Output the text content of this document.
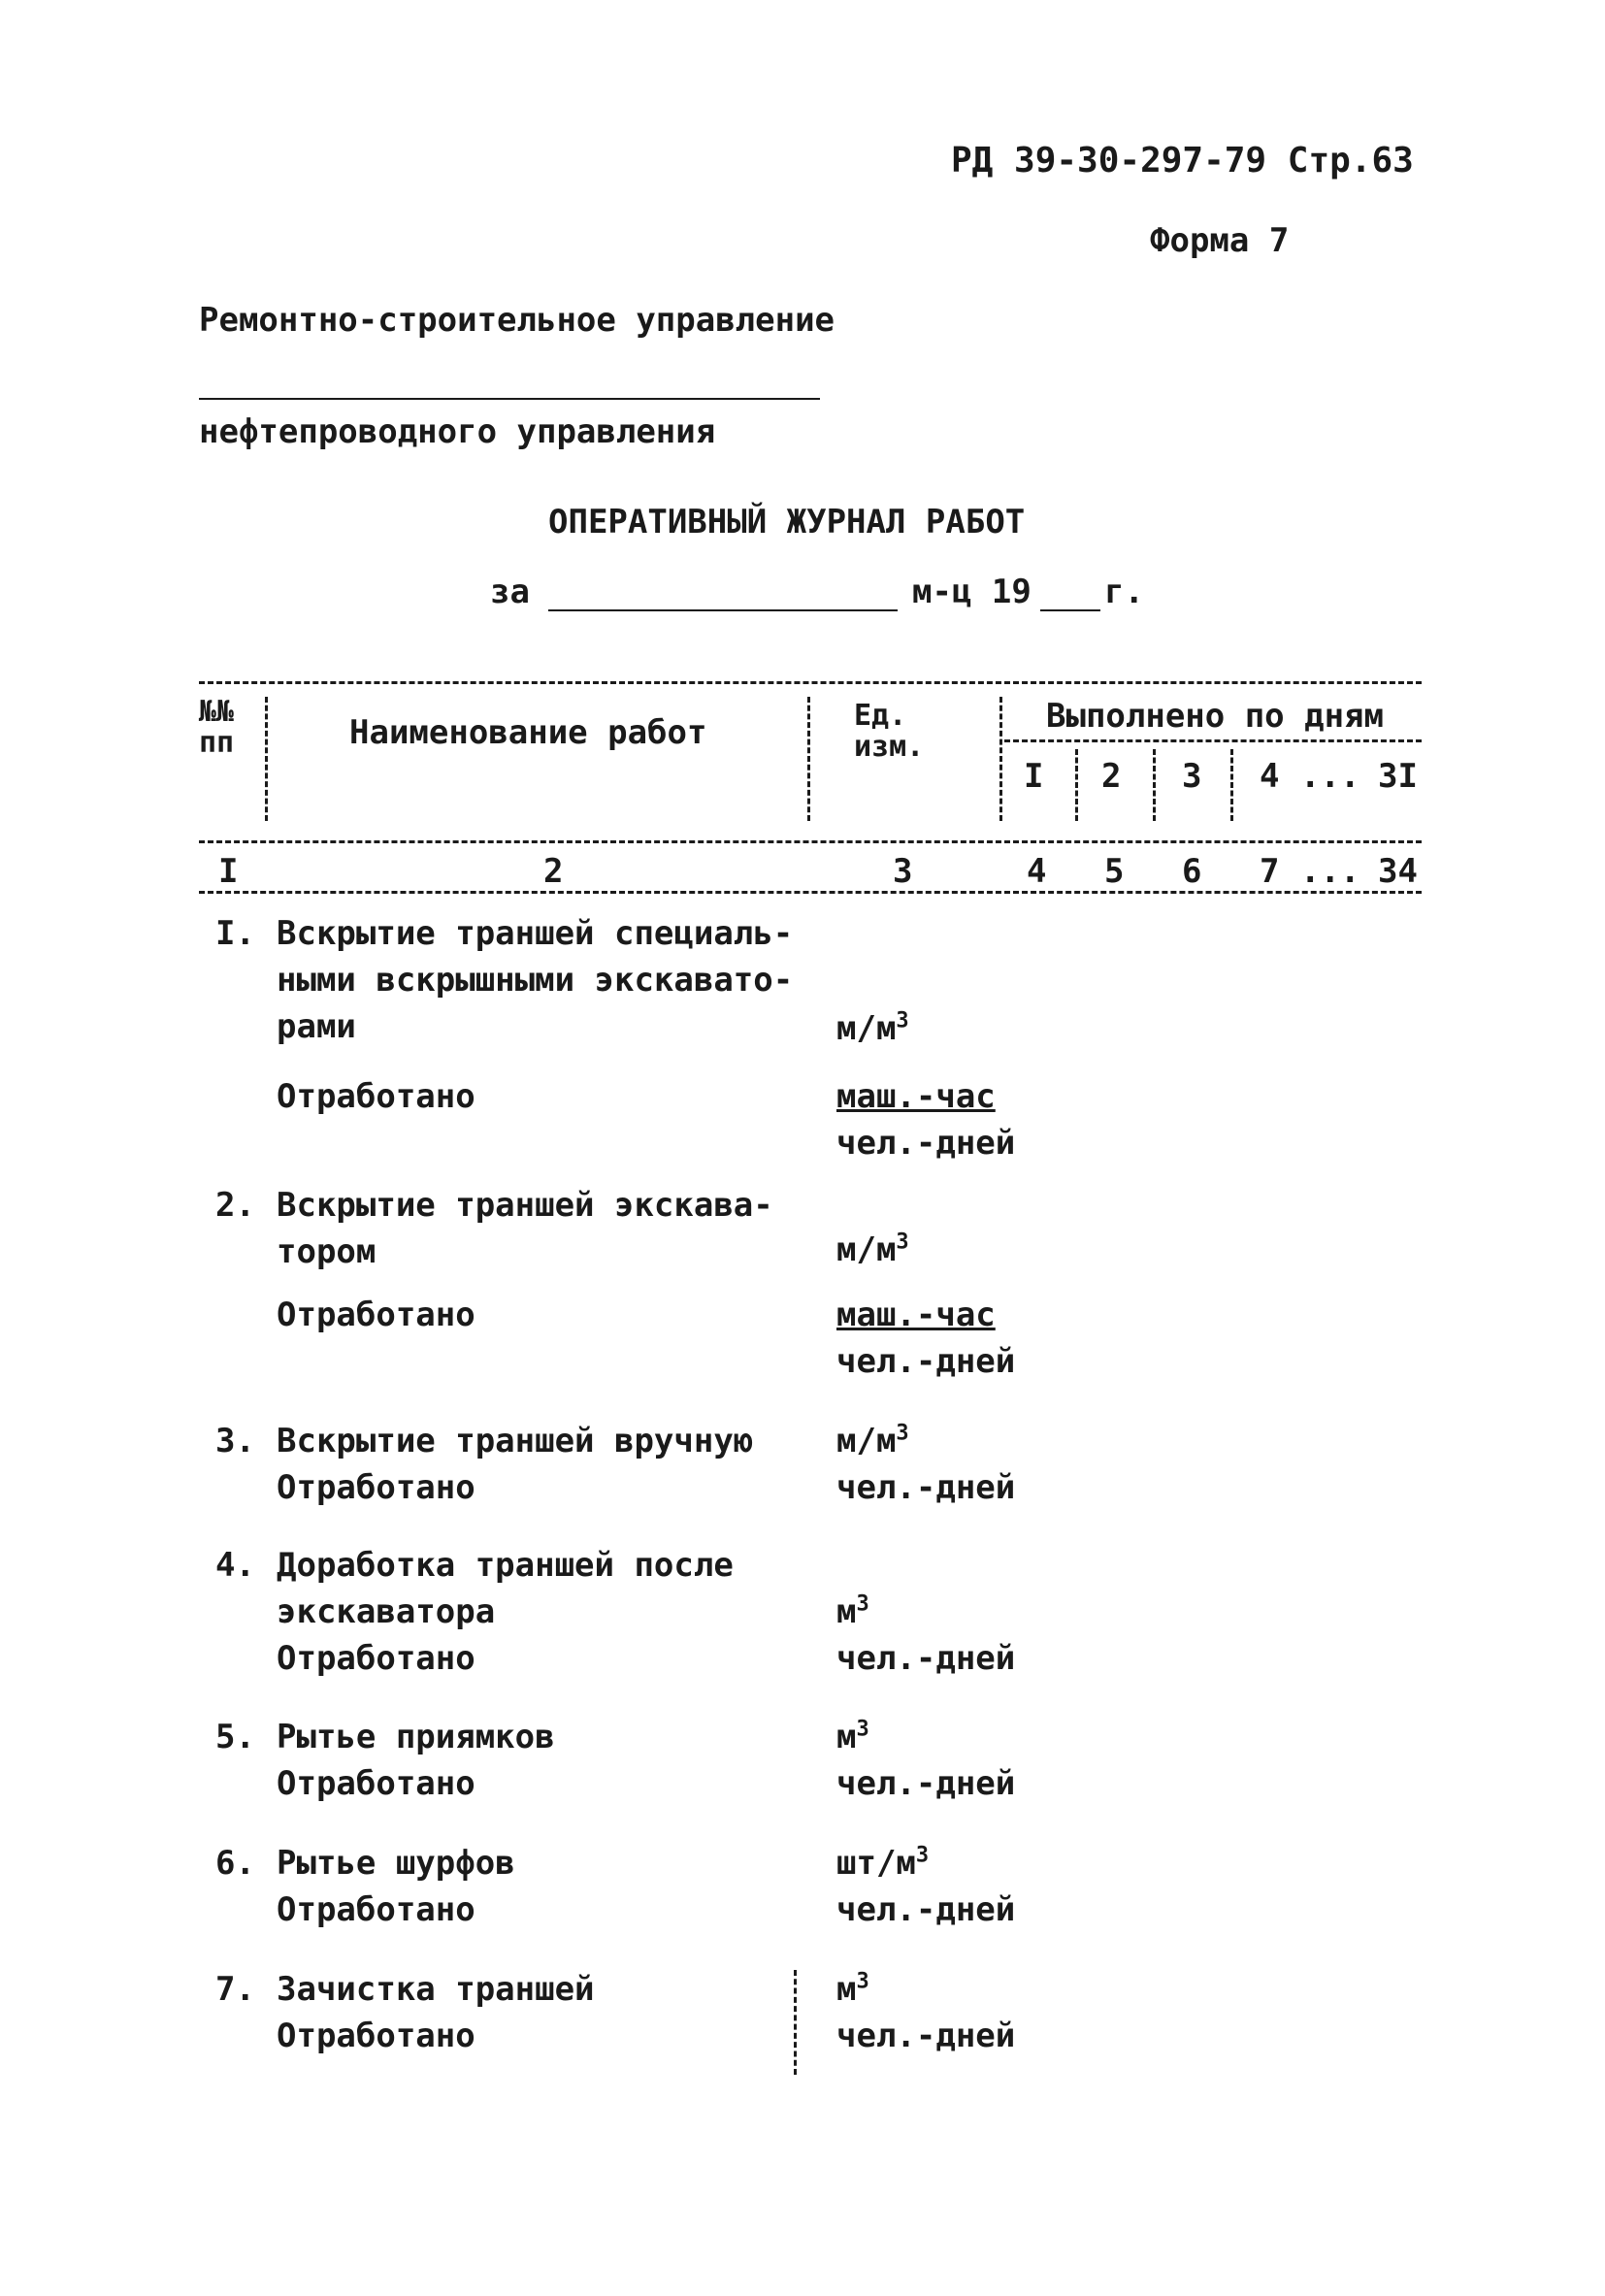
РД 39-30-297-79 Стр.63
Форма 7
Ремонтно-строительное управление
нефтепроводного управления
ОПЕРАТИВНЫЙ ЖУРНАЛ РАБОТ
за	м-ц 19 г.
№№ пп	Наименование работ	Ед. изм.
Выполнено по дням
I 2 3 4 ... 3I
I	2	3	4 5 6 7 ... 34
I. Вскрытие траншей специаль-
ными вскрышными экскавато-
рами	$м/м^3$
Отработано	маш.-час
чел.-дней
2. Вскрытие траншей экскава-
тором	$м/м^3$
Отработано	маш.-час
чел.-дней
3. Вскрытие траншей вручную	$м/м^3$
Отработано	чел.-дней
4. Доработка траншей после
экскаватора	$м^3$
Отработано	чел.-дней
5. Рытье приямков	$м^3$
Отработано	чел.-дней
6. Рытье шурфов	$шт/м^3$
Отработано	чел.-дней
7. Зачистка траншей	$м^3$
Отработано	чел.-дней
